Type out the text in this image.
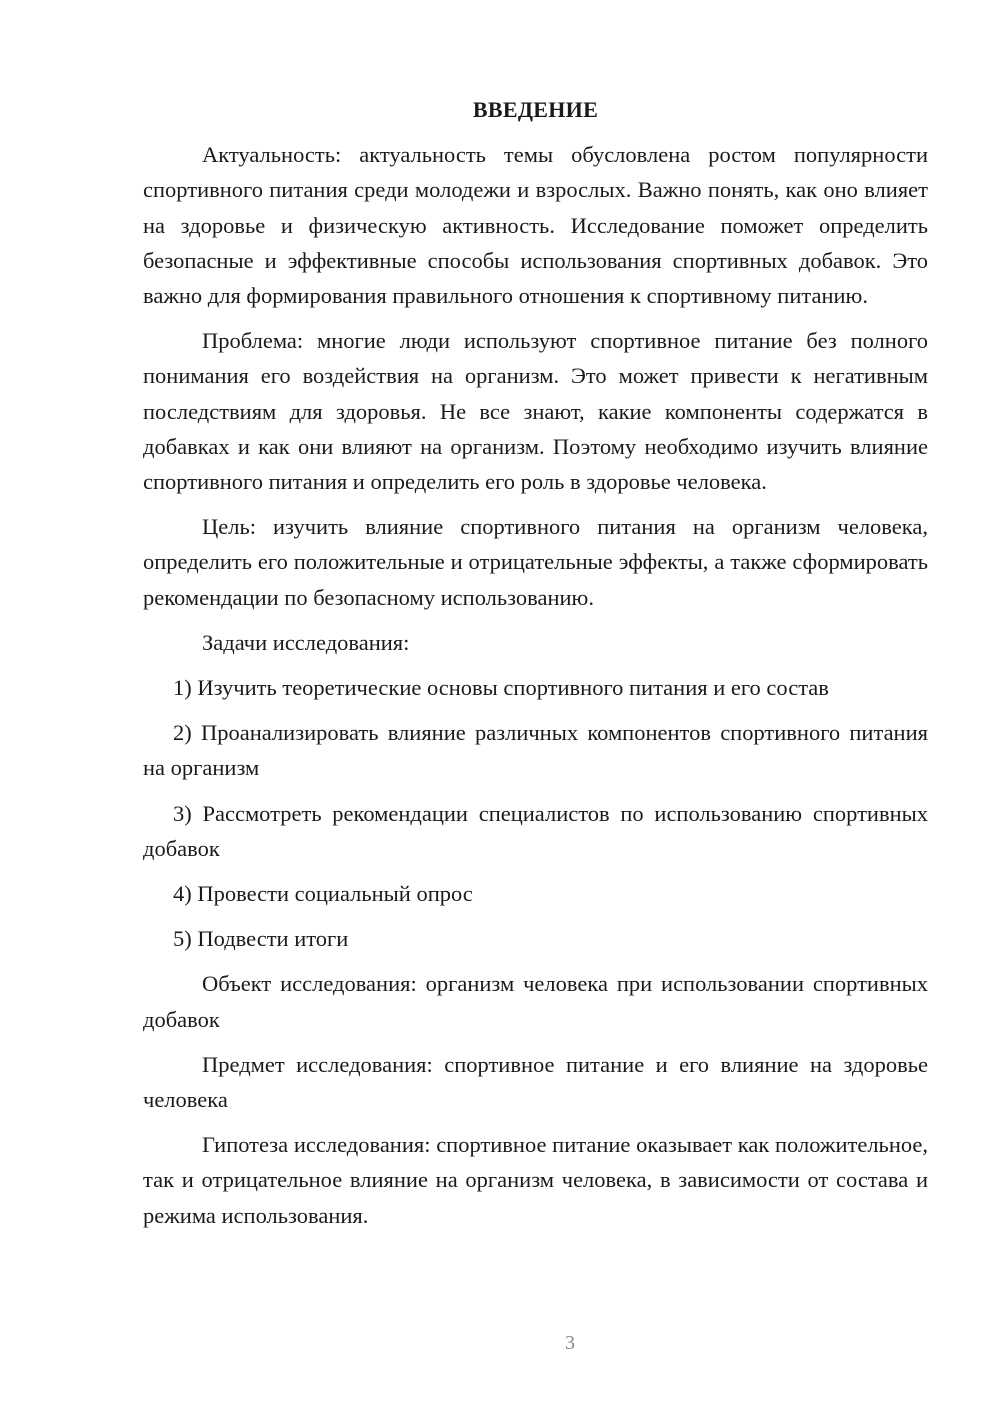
ВВЕДЕНИЕ

Актуальность: актуальность темы обусловлена ростом популярности спортивного питания среди молодежи и взрослых. Важно понять, как оно влияет на здоровье и физическую активность. Исследование поможет определить безопасные и эффективные способы использования спортивных добавок. Это важно для формирования правильного отношения к спортивному питанию.

Проблема: многие люди используют спортивное питание без полного понимания его воздействия на организм. Это может привести к негативным последствиям для здоровья. Не все знают, какие компоненты содержатся в добавках и как они влияют на организм. Поэтому необходимо изучить влияние спортивного питания и определить его роль в здоровье человека.

Цель: изучить влияние спортивного питания на организм человека, определить его положительные и отрицательные эффекты, а также сформировать рекомендации по безопасному использованию.

Задачи исследования:

1) Изучить теоретические основы спортивного питания и его состав

2) Проанализировать влияние различных компонентов спортивного питания на организм

3) Рассмотреть рекомендации специалистов по использованию спортивных добавок

4) Провести социальный опрос

5) Подвести итоги

Объект исследования: организм человека при использовании спортивных добавок

Предмет исследования: спортивное питание и его влияние на здоровье человека

Гипотеза исследования: спортивное питание оказывает как положительное, так и отрицательное влияние на организм человека, в зависимости от состава и режима использования.

3
